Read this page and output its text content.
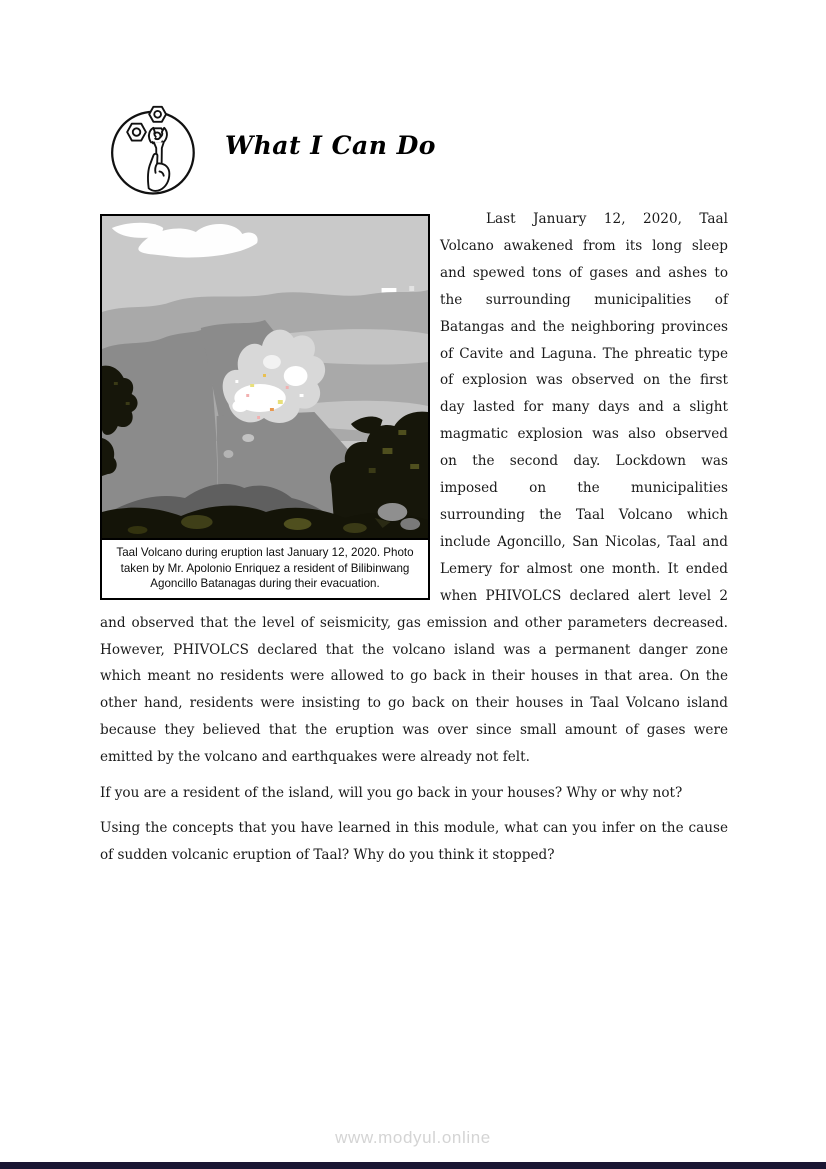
What I Can Do
Taal Volcano during eruption last January 12, 2020. Photo taken by Mr. Apolonio Enriquez a resident of Bilibinwang Agoncillo Batanagas during their evacuation.

Last January 12, 2020, Taal Volcano awakened from its long sleep and spewed tons of gases and ashes to the surrounding municipalities of Batangas and the neighboring provinces of Cavite and Laguna. The phreatic type of explosion was observed on the first day lasted for many days and a slight magmatic explosion was also observed on the second day. Lockdown was imposed on the municipalities surrounding the Taal Volcano which include Agoncillo, San Nicolas, Taal and Lemery for almost one month. It ended when PHIVOLCS declared alert level 2 and observed that the level of seismicity, gas emission and other parameters decreased. However, PHIVOLCS declared that the volcano island was a permanent danger zone which meant no residents were allowed to go back in their houses in that area. On the other hand, residents were insisting to go back on their houses in Taal Volcano island because they believed that the eruption was over since small amount of gases were emitted by the volcano and earthquakes were already not felt.

If you are a resident of the island, will you go back in your houses? Why or why not?

Using the concepts that you have learned in this module, what can you infer on the cause of sudden volcanic eruption of Taal? Why do you think it stopped?

www.modyul.online
